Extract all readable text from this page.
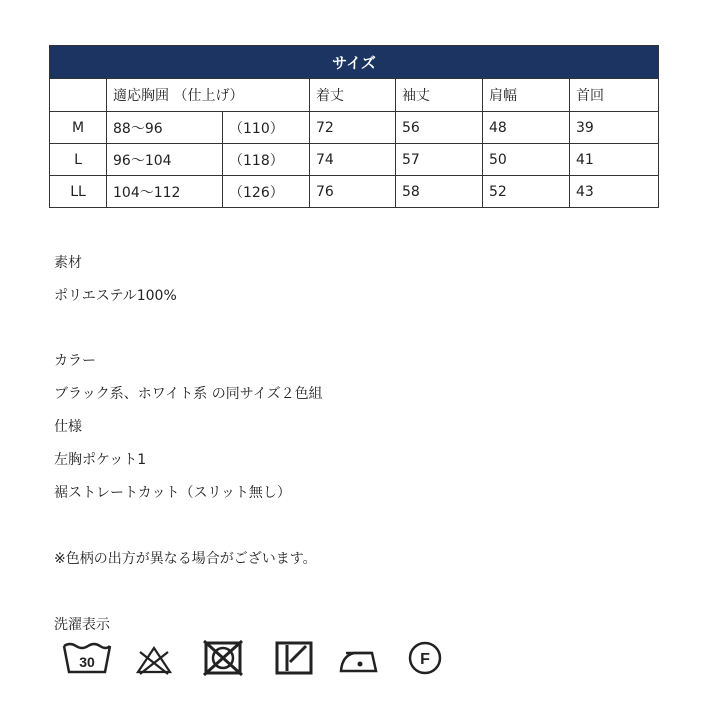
サイズ						
	適応胸囲 （仕上げ）		着丈	袖丈	肩幅	首回
M	88〜96	（110）	72	56	48	39
L	96〜104	（118）	74	57	50	41
LL	104〜112	（126）	76	58	52	43
素材
ポリエステル100%
カラー
ブラック系、ホワイト系 の同サイズ２色組
仕様
左胸ポケット1
裾ストレートカット（スリット無し）
※色柄の出方が異なる場合がございます。
洗濯表示
30	F
